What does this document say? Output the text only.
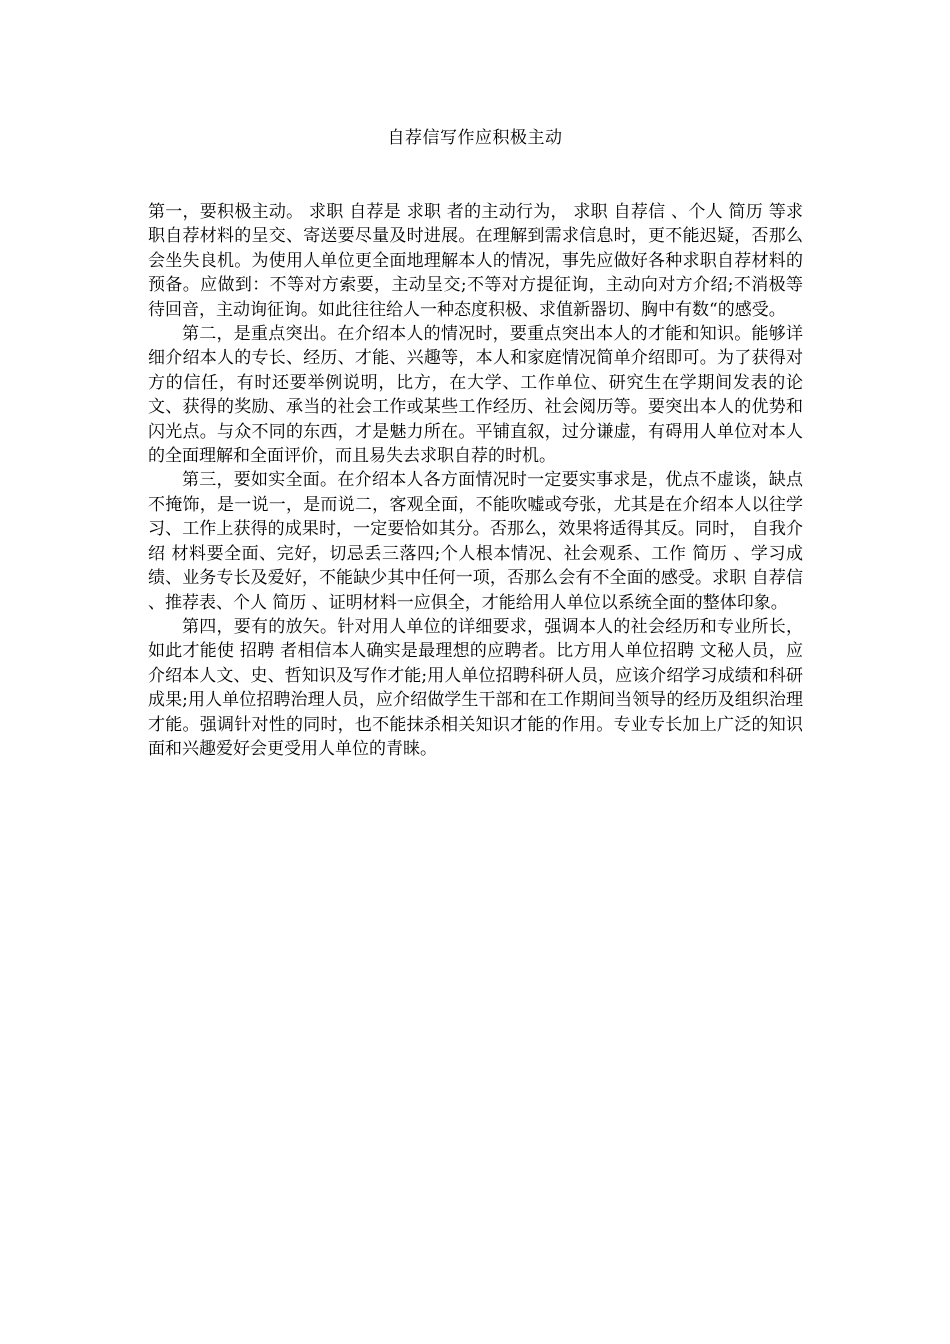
自荐信写作应积极主动

第一，要积极主动。 求职 自荐是 求职 者的主动行为， 求职 自荐信 、个人 简历 等求职自荐材料的呈交、寄送要尽量及时进展。在理解到需求信息时，更不能迟疑，否那么会坐失良机。为使用人单位更全面地理解本人的情况，事先应做好各种求职自荐材料的预备。应做到：不等对方索要，主动呈交;不等对方提征询，主动向对方介绍;不消极等待回音，主动询征询。如此往往给人一种态度积极、求值新器切、胸中有数“的感受。

第二，是重点突出。在介绍本人的情况时，要重点突出本人的才能和知识。能够详细介绍本人的专长、经历、才能、兴趣等，本人和家庭情况简单介绍即可。为了获得对方的信任，有时还要举例说明，比方，在大学、工作单位、研究生在学期间发表的论文、获得的奖励、承当的社会工作或某些工作经历、社会阅历等。要突出本人的优势和闪光点。与众不同的东西，才是魅力所在。平铺直叙，过分谦虚，有碍用人单位对本人的全面理解和全面评价，而且易失去求职自荐的时机。

第三，要如实全面。在介绍本人各方面情况时一定要实事求是，优点不虚谈，缺点不掩饰，是一说一，是而说二，客观全面，不能吹嘘或夸张，尤其是在介绍本人以往学习、工作上获得的成果时，一定要恰如其分。否那么，效果将适得其反。同时， 自我介绍 材料要全面、完好，切忌丢三落四;个人根本情况、社会观系、工作 简历 、学习成绩、业务专长及爱好，不能缺少其中任何一项，否那么会有不全面的感受。求职 自荐信 、推荐表、个人 简历 、证明材料一应俱全，才能给用人单位以系统全面的整体印象。

第四，要有的放矢。针对用人单位的详细要求，强调本人的社会经历和专业所长，如此才能使 招聘 者相信本人确实是最理想的应聘者。比方用人单位招聘 文秘人员，应介绍本人文、史、哲知识及写作才能;用人单位招聘科研人员，应该介绍学习成绩和科研成果;用人单位招聘治理人员，应介绍做学生干部和在工作期间当领导的经历及组织治理才能。强调针对性的同时，也不能抹杀相关知识才能的作用。专业专长加上广泛的知识面和兴趣爱好会更受用人单位的青睐。
